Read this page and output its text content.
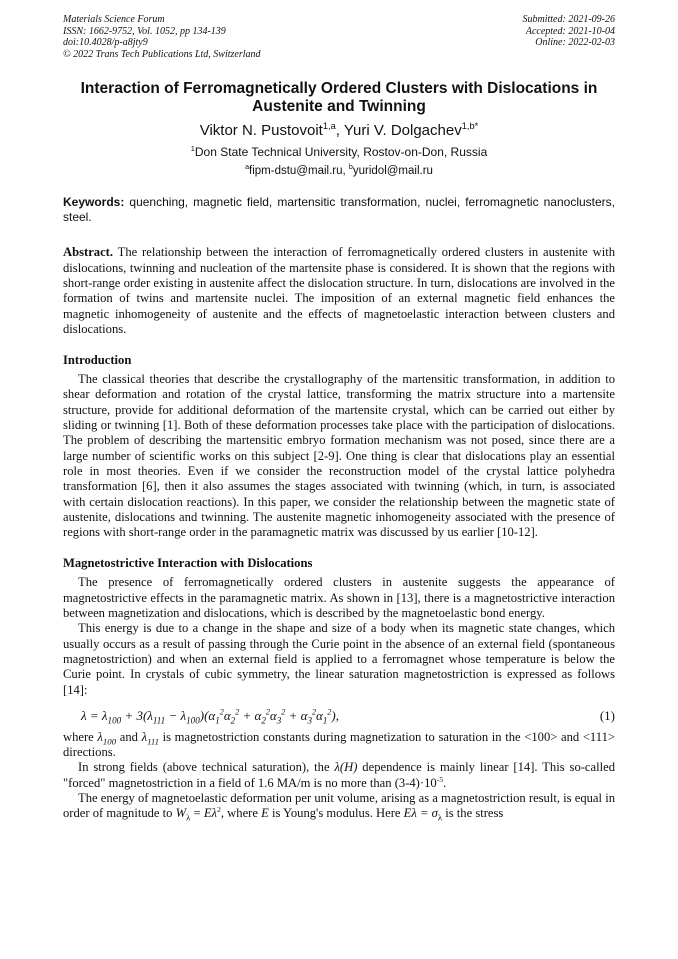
Materials Science Forum
ISSN: 1662-9752, Vol. 1052, pp 134-139
doi:10.4028/p-a8jty9
© 2022 Trans Tech Publications Ltd, Switzerland
Submitted: 2021-09-26
Accepted: 2021-10-04
Online: 2022-02-03
Interaction of Ferromagnetically Ordered Clusters with Dislocations in Austenite and Twinning
Viktor N. Pustovoit$^{1,a}$, Yuri V. Dolgachev$^{1,b*}$
$^1$Don State Technical University, Rostov-on-Don, Russia
$^a$fipm-dstu@mail.ru, $^b$yuridol@mail.ru
Keywords: quenching, magnetic field, martensitic transformation, nuclei, ferromagnetic nanoclusters, steel.

Abstract. The relationship between the interaction of ferromagnetically ordered clusters in austenite with dislocations, twinning and nucleation of the martensite phase is considered. It is shown that the regions with short-range order existing in austenite affect the dislocation structure. In turn, dislocations are involved in the formation of twins and martensite nuclei. The imposition of an external magnetic field enhances the magnetic inhomogeneity of austenite and the effects of magnetoelastic interaction between clusters and dislocations.

Introduction

The classical theories that describe the crystallography of the martensitic transformation, in addition to shear deformation and rotation of the crystal lattice, transforming the matrix structure into a martensite structure, provide for additional deformation of the martensite crystal, which can be carried out either by sliding or twinning [1]. Both of these deformation processes take place with the participation of dislocations. The problem of describing the martensitic embryo formation mechanism was not posed, since there are a large number of scientific works on this subject [2-9]. One thing is clear that dislocations play an essential role in most theories. Even if we consider the reconstruction model of the crystal lattice polyhedra transformation [6], then it also assumes the stages associated with twinning (which, in turn, is associated with certain dislocation reactions). In this paper, we consider the relationship between the magnetic state of austenite, dislocations and twinning. The austenite magnetic inhomogeneity associated with the presence of regions with short-range order in the paramagnetic matrix was discussed by us earlier [10-12].

Magnetostrictive Interaction with Dislocations

The presence of ferromagnetically ordered clusters in austenite suggests the appearance of magnetostrictive effects in the paramagnetic matrix. As shown in [13], there is a magnetostrictive interaction between magnetization and dislocations, which is described by the magnetoelastic bond energy.

This energy is due to a change in the shape and size of a body when its magnetic state changes, which usually occurs as a result of passing through the Curie point in the absence of an external field (spontaneous magnetostriction) and when an external field is applied to a ferromagnet whose temperature is below the Curie point. In crystals of cubic symmetry, the linear saturation magnetostriction is expressed as follows [14]:

$\lambda = \lambda_{100} + 3(\lambda_{111} - \lambda_{100})(\alpha_1^2\alpha_2^2 + \alpha_2^2\alpha_3^2 + \alpha_3^2\alpha_1^2)$,	(1)

where $\lambda_{100}$ and $\lambda_{111}$ is magnetostriction constants during magnetization to saturation in the <100> and <111> directions.

In strong fields (above technical saturation), the λ(H) dependence is mainly linear [14]. This so-called "forced" magnetostriction in a field of 1.6 MA/m is no more than $(3-4)\cdot 10^{-5}$.

The energy of magnetoelastic deformation per unit volume, arising as a magnetostriction result, is equal in order of magnitude to $W_\lambda = E\lambda^2$, where E is Young's modulus. Here $E\lambda = \sigma_\lambda$ is the stress
